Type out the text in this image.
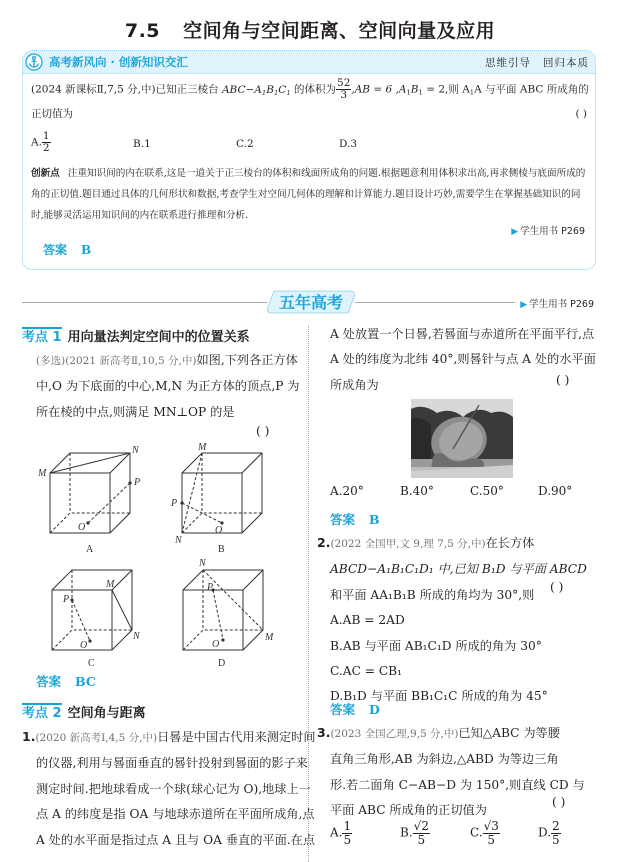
7.5 空间角与空间距离、空间向量及应用
高考新风向 · 创新知识交汇	思维引导 回归本质
(2024 新课标Ⅱ,7,5 分,中)已知正三棱台 $ABC-A_1B_1C_1$ 的体积为 $\frac{52}{3} ,AB = 6$ $,A_1B_1 = 2$,则 $A_1A$ 与平面 ABC 所成角的
正切值为	( )
A. $\frac{1}{2}$	B.1	C.2	D.3
创新点 注重知识间的内在联系,这是一道关于正三棱台的体积和线面所成角的问题.根据题意利用体积求出高,再求侧棱与底面所成的角的正切值.题目通过具体的几何形状和数据,考查学生对空间几何体的理解和计算能力.题目设计巧妙,需要学生在掌握基础知识的同时,能够灵活运用知识间的内在联系进行推理和分析.
▶ 学生用书 P269
答案 B
五年高考	▶ 学生用书 P269
考点 1 用向量法判定空间中的位置关系
(多选)(2021 新高考Ⅱ,10,5 分,中)如图,下列各正方体中,O 为下底面的中心,M,N 为正方体的顶点,P 为所在棱的中点,则满足 MN⊥OP 的是
( )
M
N
P
O
A
M
N
P
O
B
M
N
P
O
C
N
M
P
O
D
答案 BC
考点 2 空间角与距离
1.(2020 新高考Ⅰ,4,5 分,中)日晷是中国古代用来测定时间的仪器,利用与晷面垂直的晷针投射到晷面的影子来测定时间.把地球看成一个球(球心记为 O),地球上一点 A 的纬度是指 OA 与地球赤道所在平面所成角,点 A 处的水平面是指过点 A 且与 OA 垂直的平面.在点
A 处放置一个日晷,若晷面与赤道所在平面平行,点 A 处的纬度为北纬 40°,则晷针与点 A 处的水平面所成角为	( )
A.20°	B.40°	C.50°	D.90°
答案 B
2.(2022 全国甲,文 9,理 7,5 分,中)在长方体
ABCD−A₁B₁C₁D₁ 中,已知 B₁D 与平面 ABCD
和平面 AA₁B₁B 所成的角均为 30°,则
A.AB = 2AD
B.AB 与平面 AB₁C₁D 所成的角为 30°
C.AC = CB₁
D.B₁D 与平面 BB₁C₁C 所成的角为 45°
( )
答案 D
3.(2023 全国乙理,9,5 分,中)已知△ABC 为等腰
直角三角形,AB 为斜边,△ABD 为等边三角
形.若二面角 C−AB−D 为 150°,则直线 CD 与
平面 ABC 所成角的正切值为
( )
A. $\frac{1}{5}$	B. $\frac{√2}{5}$	C. $\frac{√3}{5}$	D. $\frac{2}{5}$
